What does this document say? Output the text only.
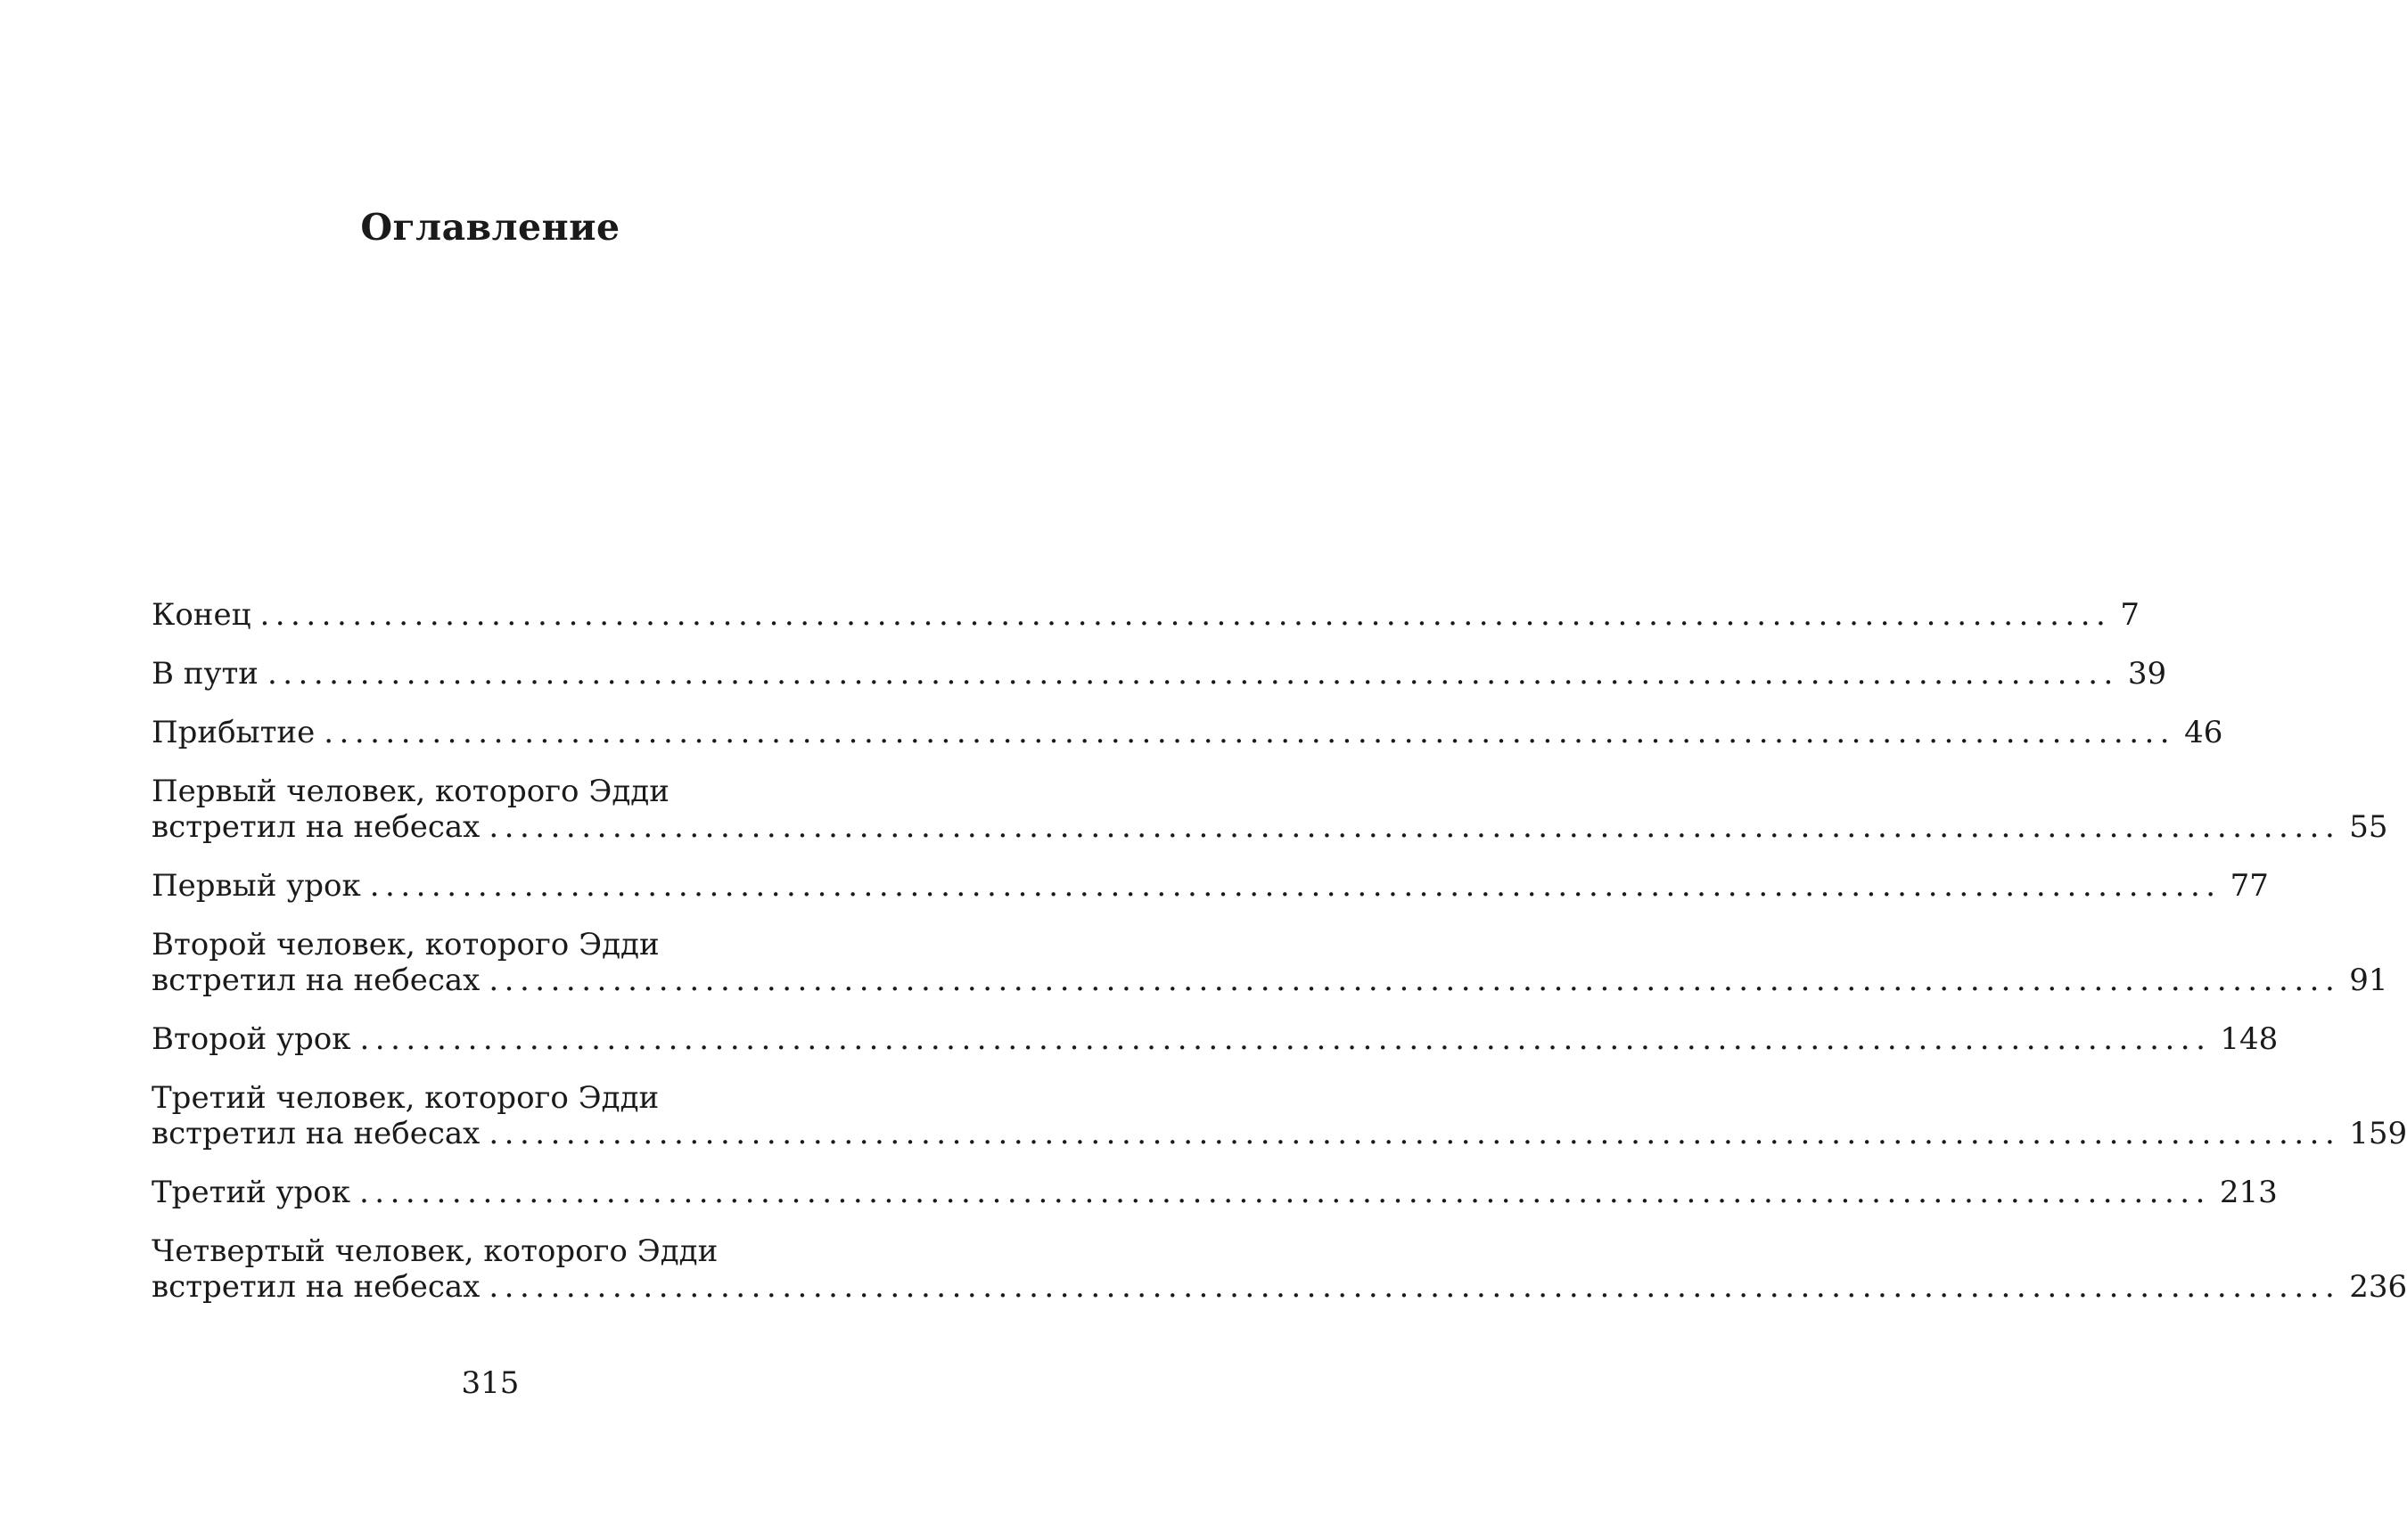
Оглавление
Конец ........................................................................................................................ 7
В пути ........................................................................................................................ 39
Прибытие ........................................................................................................................ 46
Первый человек, которого Эдди
встретил на небесах ........................................................................................................................ 55
Первый урок ........................................................................................................................ 77
Второй человек, которого Эдди
встретил на небесах ........................................................................................................................ 91
Второй урок ........................................................................................................................ 148
Третий человек, которого Эдди
встретил на небесах ........................................................................................................................ 159
Третий урок ........................................................................................................................ 213
Четвертый человек, которого Эдди
встретил на небесах ........................................................................................................................ 236
315
